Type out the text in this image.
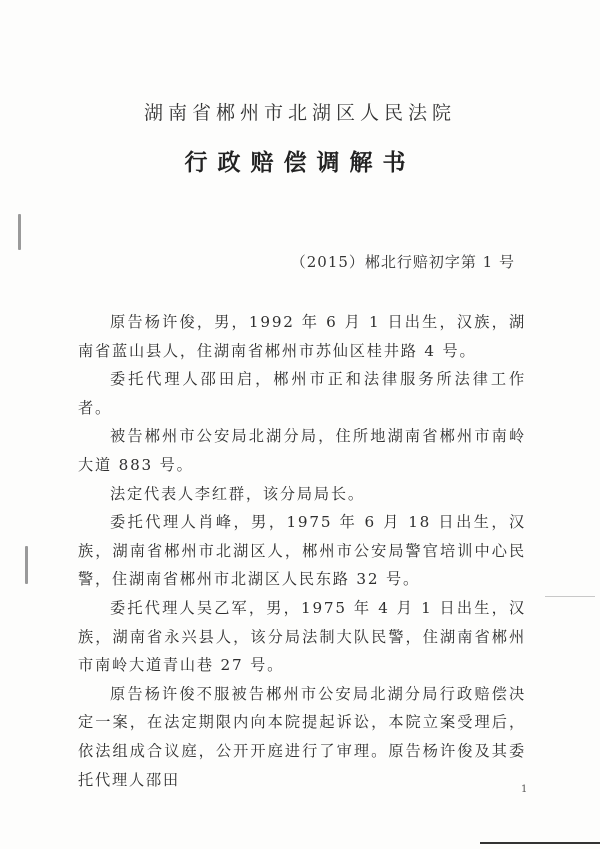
湖南省郴州市北湖区人民法院
行政赔偿调解书
（2015）郴北行赔初字第 1 号

原告杨许俊，男，1992 年 6 月 1 日出生，汉族，湖南省蓝山县人，住湖南省郴州市苏仙区桂井路 4 号。

委托代理人邵田启，郴州市正和法律服务所法律工作者。

被告郴州市公安局北湖分局，住所地湖南省郴州市南岭大道 883 号。

法定代表人李红群，该分局局长。

委托代理人肖峰，男，1975 年 6 月 18 日出生，汉族，湖南省郴州市北湖区人，郴州市公安局警官培训中心民警，住湖南省郴州市北湖区人民东路 32 号。

委托代理人吴乙军，男，1975 年 4 月 1 日出生，汉族，湖南省永兴县人，该分局法制大队民警，住湖南省郴州市南岭大道青山巷 27 号。

原告杨许俊不服被告郴州市公安局北湖分局行政赔偿决定一案，在法定期限内向本院提起诉讼，本院立案受理后，依法组成合议庭，公开开庭进行了审理。原告杨许俊及其委托代理人邵田

1
